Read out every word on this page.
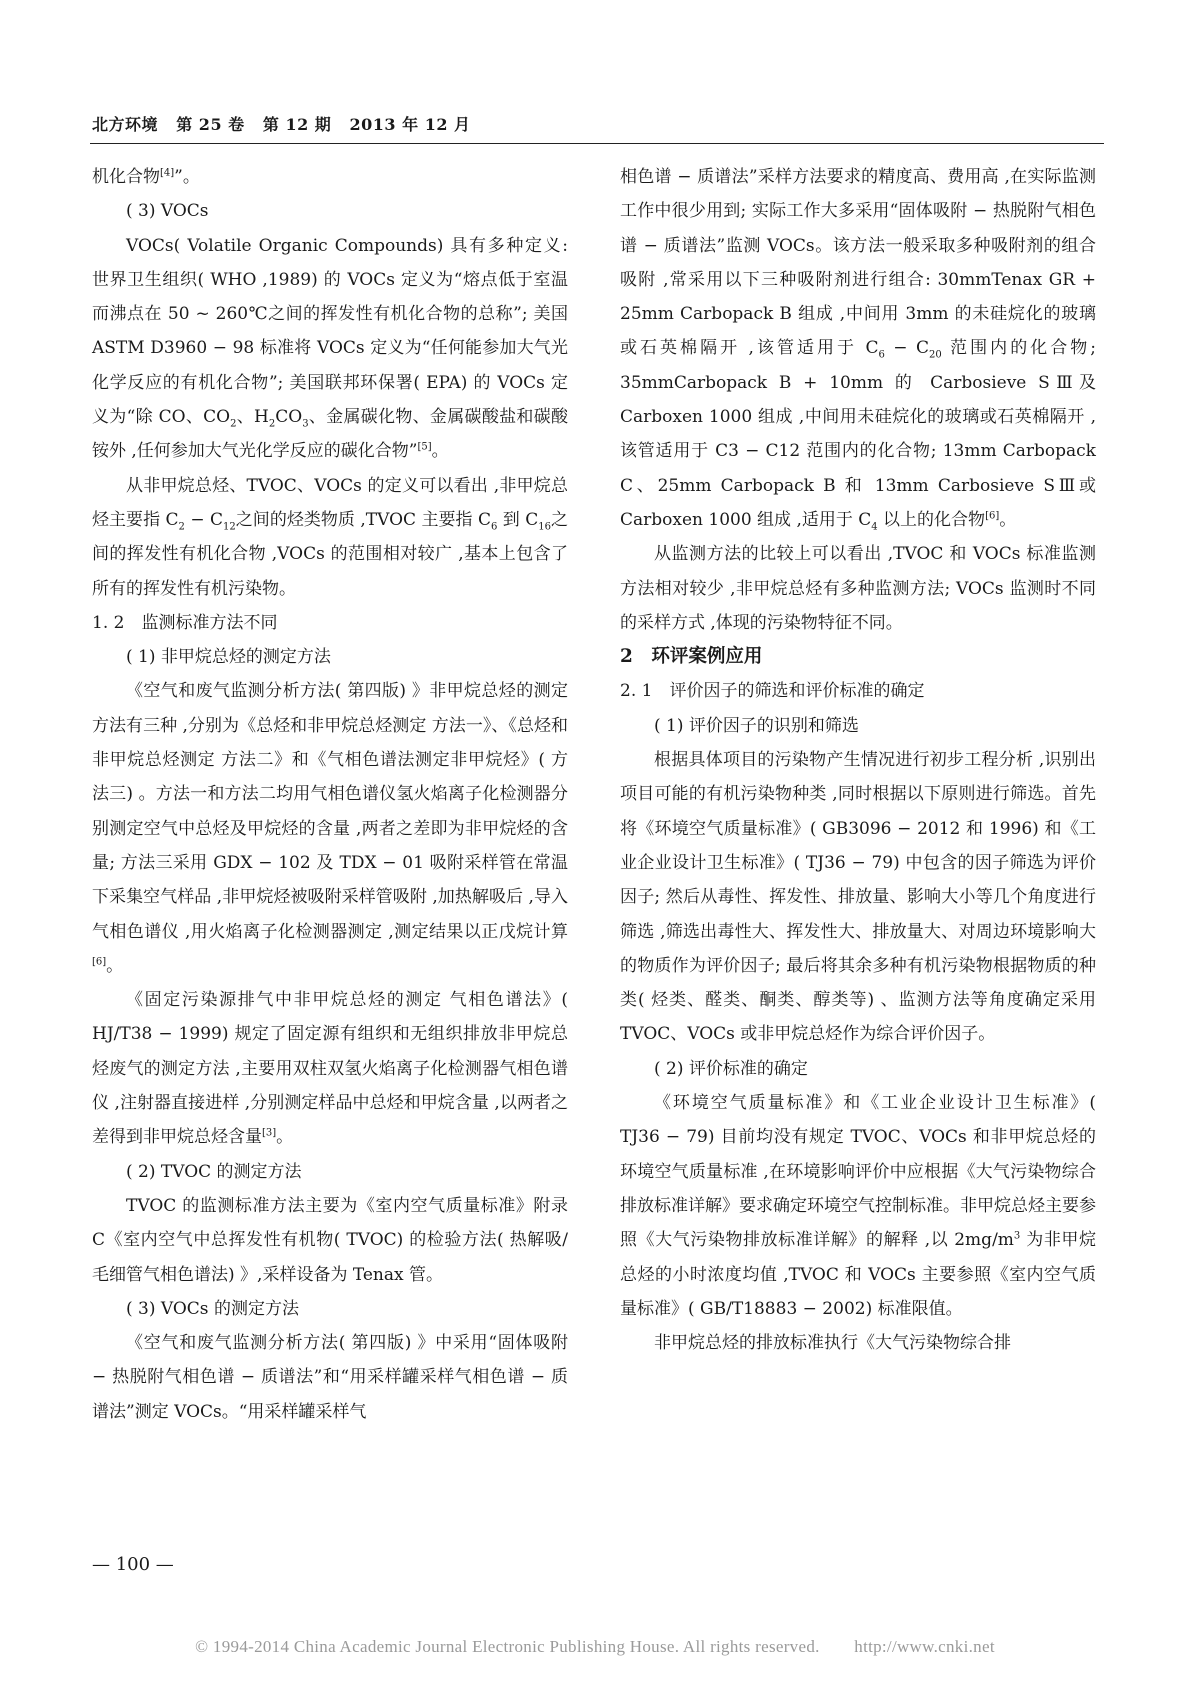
北方环境 第 25 卷 第 12 期 2013 年 12 月

机化合物[4]”。

( 3) VOCs

VOCs( Volatile Organic Compounds) 具有多种定义: 世界卫生组织( WHO ,1989) 的 VOCs 定义为“熔点低于室温而沸点在 50 ~ 260℃之间的挥发性有机化合物的总称”; 美国 ASTM D3960 − 98 标准将 VOCs 定义为“任何能参加大气光化学反应的有机化合物”; 美国联邦环保署( EPA) 的 VOCs 定义为“除 CO、$CO_2$、$H_2CO_3$、金属碳化物、金属碳酸盐和碳酸铵外 ,任何参加大气光化学反应的碳化合物”[5]。

从非甲烷总烃、TVOC、VOCs 的定义可以看出 ,非甲烷总烃主要指 $C_2 - C_{12}$之间的烃类物质 ,TVOC 主要指 $C_6$ 到 $C_{16}$之间的挥发性有机化合物 ,VOCs 的范围相对较广 ,基本上包含了所有的挥发性有机污染物。

1. 2　监测标准方法不同

( 1) 非甲烷总烃的测定方法

《空气和废气监测分析方法( 第四版) 》非甲烷总烃的测定方法有三种 ,分别为《总烃和非甲烷总烃测定 方法一》、《总烃和非甲烷总烃测定 方法二》和《气相色谱法测定非甲烷烃》( 方法三) 。方法一和方法二均用气相色谱仪氢火焰离子化检测器分别测定空气中总烃及甲烷烃的含量 ,两者之差即为非甲烷烃的含量; 方法三采用 GDX − 102 及 TDX − 01 吸附采样管在常温下采集空气样品 ,非甲烷烃被吸附采样管吸附 ,加热解吸后 ,导入气相色谱仪 ,用火焰离子化检测器测定 ,测定结果以正戊烷计算[6]。

《固定污染源排气中非甲烷总烃的测定 气相色谱法》( HJ/T38 − 1999) 规定了固定源有组织和无组织排放非甲烷总烃废气的测定方法 ,主要用双柱双氢火焰离子化检测器气相色谱仪 ,注射器直接进样 ,分别测定样品中总烃和甲烷含量 ,以两者之差得到非甲烷总烃含量[3]。

( 2) TVOC 的测定方法

TVOC 的监测标准方法主要为《室内空气质量标准》附录 C《室内空气中总挥发性有机物( TVOC) 的检验方法( 热解吸/毛细管气相色谱法) 》,采样设备为 Tenax 管。

( 3) VOCs 的测定方法

《空气和废气监测分析方法( 第四版) 》中采用“固体吸附 − 热脱附气相色谱 − 质谱法”和“用采样罐采样气相色谱 − 质谱法”测定 VOCs。“用采样罐采样气

相色谱 − 质谱法”采样方法要求的精度高、费用高 ,在实际监测工作中很少用到; 实际工作大多采用“固体吸附 − 热脱附气相色谱 − 质谱法”监测 VOCs。该方法一般采取多种吸附剂的组合吸附 ,常采用以下三种吸附剂进行组合: 30mmTenax GR + 25mm Carbopack B 组成 ,中间用 3mm 的未硅烷化的玻璃或石英棉隔开 ,该管适用于 $C_6 - C_{20}$ 范围内的化合物; 35mmCarbopack B + 10mm 的 Carbosieve SⅢ及 Carboxen 1000 组成 ,中间用未硅烷化的玻璃或石英棉隔开 ,该管适用于 C3 − C12 范围内的化合物; 13mm Carbopack C、25mm Carbopack B 和 13mm Carbosieve SⅢ或 Carboxen 1000 组成 ,适用于 $C_4$ 以上的化合物[6]。

从监测方法的比较上可以看出 ,TVOC 和 VOCs 标准监测方法相对较少 ,非甲烷总烃有多种监测方法; VOCs 监测时不同的采样方式 ,体现的污染物特征不同。

2　环评案例应用

2. 1　评价因子的筛选和评价标准的确定

( 1) 评价因子的识别和筛选

根据具体项目的污染物产生情况进行初步工程分析 ,识别出项目可能的有机污染物种类 ,同时根据以下原则进行筛选。首先将《环境空气质量标准》( GB3096 − 2012 和 1996) 和《工业企业设计卫生标准》( TJ36 − 79) 中包含的因子筛选为评价因子; 然后从毒性、挥发性、排放量、影响大小等几个角度进行筛选 ,筛选出毒性大、挥发性大、排放量大、对周边环境影响大的物质作为评价因子; 最后将其余多种有机污染物根据物质的种类( 烃类、醛类、酮类、醇类等) 、监测方法等角度确定采用 TVOC、VOCs 或非甲烷总烃作为综合评价因子。

( 2) 评价标准的确定

《环境空气质量标准》和《工业企业设计卫生标准》( TJ36 − 79) 目前均没有规定 TVOC、VOCs 和非甲烷总烃的环境空气质量标准 ,在环境影响评价中应根据《大气污染物综合排放标准详解》要求确定环境空气控制标准。非甲烷总烃主要参照《大气污染物排放标准详解》的解释 ,以 $2mg/m^3$ 为非甲烷总烃的小时浓度均值 ,TVOC 和 VOCs 主要参照《室内空气质量标准》( GB/T18883 − 2002) 标准限值。

非甲烷总烃的排放标准执行《大气污染物综合排

— 100 —
© 1994-2014 China Academic Journal Electronic Publishing House. All rights reserved.　　http://www.cnki.net
